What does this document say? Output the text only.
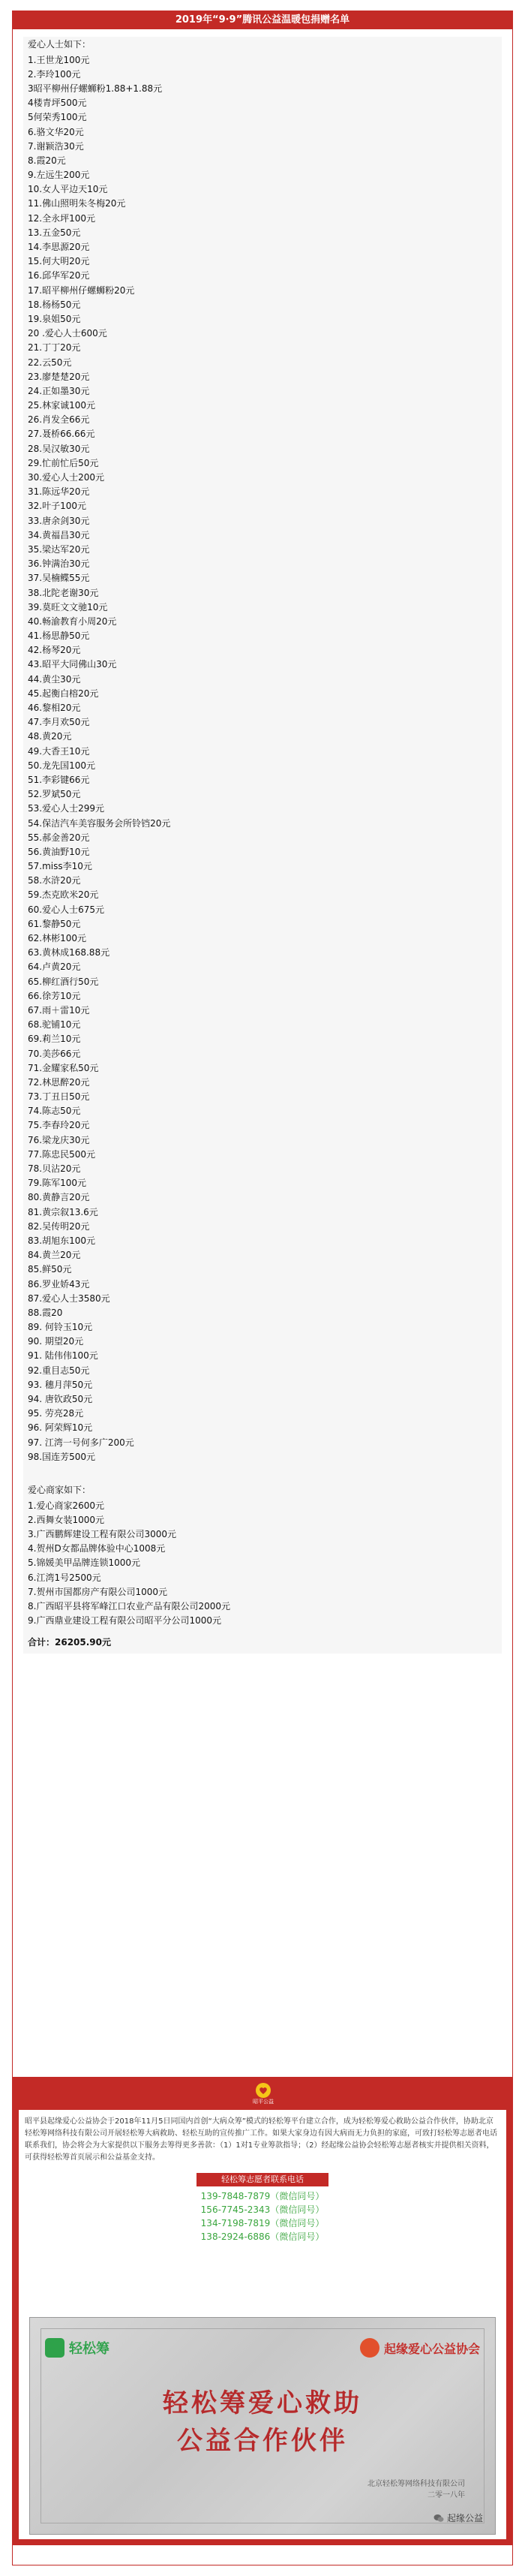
2019年“9·9”腾讯公益温暖包捐赠名单
爱心人士如下：
1.王世龙100元
2.李玲100元
3昭平柳州仔螺蛳粉1.88+1.88元
4楼青坪500元
5何荣秀100元
6.骆文华20元
7.谢颖浩30元
8.霞20元
9.左远生200元
10.女人平边天10元
11.佛山照明朱冬梅20元
12.全永坪100元
13.五金50元
14.李思源20元
15.何大明20元
16.邱华军20元
17.昭平柳州仔螺蛳粉20元
18.杨杨50元
19.泉姐50元
20 .爱心人士600元
21.丁丁20元
22.云50元
23.廖楚楚20元
24.正如墨30元
25.林家诚100元
26.肖发全66元
27.聂桥66.66元
28.吴汉敏30元
29.忙前忙后50元
30.爱心人士200元
31.陈远华20元
32.叶子100元
33.唐余剑30元
34.黄福昌30元
35.梁达军20元
36.钟满治30元
37.吴楠鲽55元
38.北陀老谢30元
39.莫旺文文驰10元
40.畅渝教育小周20元
41.杨思静50元
42.杨琴20元
43.昭平大同佛山30元
44.黄尘30元
45.起衡白榕20元
46.黎相20元
47.李月欢50元
48.黄20元
49.大香王10元
50.龙先国100元
51.李彩键66元
52.罗斌50元
53.爱心人士299元
54.保洁汽车美容服务会所铃铛20元
55.郝金善20元
56.黄油野10元
57.miss李10元
58.水浒20元
59.杰克欧米20元
60.爱心人士675元
61.黎静50元
62.林彬100元
63.黄林成168.88元
64.卢黄20元
65.柳红酒行50元
66.徐芳10元
67.雨＋雷10元
68.驼铺10元
69.莉兰10元
70.美莎66元
71.金耀家私50元
72.林思醉20元
73.丁丑日50元
74.陈志50元
75.李春玲20元
76.梁龙庆30元
77.陈忠民500元
78.贝沾20元
79.陈军100元
80.黄静言20元
81.黄宗叙13.6元
82.吴传明20元
83.胡旭东100元
84.黄兰20元
85.鲜50元
86.罗业娇43元
87.爱心人士3580元
88.霞20
89. 何铃玉10元
90. 期望20元
91. 陆伟伟100元
92.重目志50元
93. 穗月萍50元
94. 唐钦政50元
95. 劳亮28元
96. 阿荣辉10元
97. 江湾一号何多广200元
98.国连芳500元
爱心商家如下：
1.爱心商家2600元
2.西舞女装1000元
3.广西鹏辉建设工程有限公司3000元
4.贺州D女都品牌体验中心1008元
5.锦媛美甲品牌连锁1000元
6.江湾1号2500元
7.贺州市国都房产有限公司1000元
8.广西昭平县将军峰江口农业产品有限公司2000元
9.广西鼎业建设工程有限公司昭平分公司1000元
合计：26205.90元
昭平公益

昭平县起缘爱心公益协会于2018年11月5日同国内首创“大病众筹”模式的轻松筹平台建立合作，成为轻松筹爱心救助公益合作伙伴，协助北京轻松筹网络科技有限公司开展轻松筹大病救助、轻松互助的宣传推广工作。如果大家身边有因大病而无力负担的家庭，可致打轻松筹志愿者电话联系我们，协会将会为大家提供以下服务去筹得更多善款：（1）1对1专业筹款指导；（2）经起缘公益协会轻松筹志愿者核实并提供相关资料，可获得轻松筹首页展示和公益基金支持。

轻松筹志愿者联系电话
139-7848-7879（微信同号）
156-7745-2343（微信同号）
134-7198-7819（微信同号）
138-2924-6886（微信同号）
轻松筹	起缘爱心公益协会
轻松筹爱心救助
公益合作伙伴
北京轻松筹网络科技有限公司
二零一八年
起缘公益
